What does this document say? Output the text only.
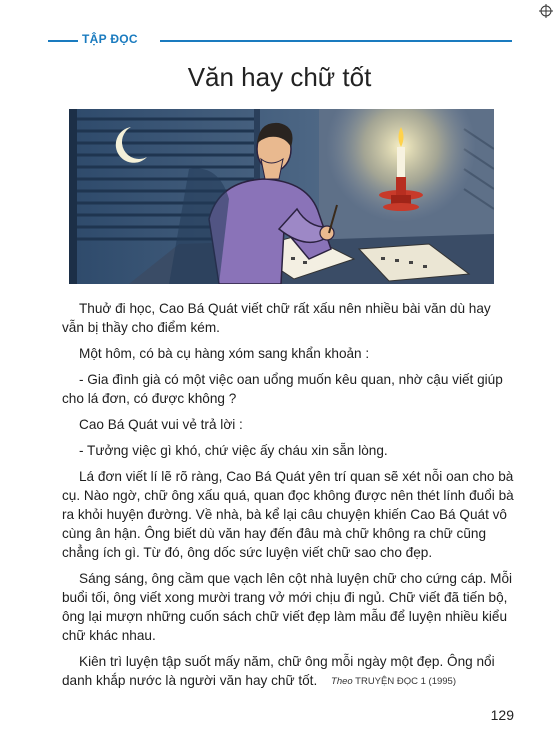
TẬP ĐỌC
Văn hay chữ tốt

Thuở đi học, Cao Bá Quát viết chữ rất xấu nên nhiều bài văn dù hay vẫn bị thầy cho điểm kém.

Một hôm, có bà cụ hàng xóm sang khẩn khoản :

- Gia đình già có một việc oan uổng muốn kêu quan, nhờ cậu viết giúp cho lá đơn, có được không ?

Cao Bá Quát vui vẻ trả lời :

- Tưởng việc gì khó, chứ việc ấy cháu xin sẵn lòng.

Lá đơn viết lí lẽ rõ ràng, Cao Bá Quát yên trí quan sẽ xét nỗi oan cho bà cụ. Nào ngờ, chữ ông xấu quá, quan đọc không được nên thét lính đuổi bà ra khỏi huyện đường. Về nhà, bà kể lại câu chuyện khiến Cao Bá Quát vô cùng ân hận. Ông biết dù văn hay đến đâu mà chữ không ra chữ cũng chẳng ích gì. Từ đó, ông dốc sức luyện viết chữ sao cho đẹp.

Sáng sáng, ông cầm que vạch lên cột nhà luyện chữ cho cứng cáp. Mỗi buổi tối, ông viết xong mười trang vở mới chịu đi ngủ. Chữ viết đã tiến bộ, ông lại mượn những cuốn sách chữ viết đẹp làm mẫu để luyện nhiều kiểu chữ khác nhau.

Kiên trì luyện tập suốt mấy năm, chữ ông mỗi ngày một đẹp. Ông nổi danh khắp nước là người văn hay chữ tốt.	Theo TRUYỆN ĐỌC 1 (1995)
129
